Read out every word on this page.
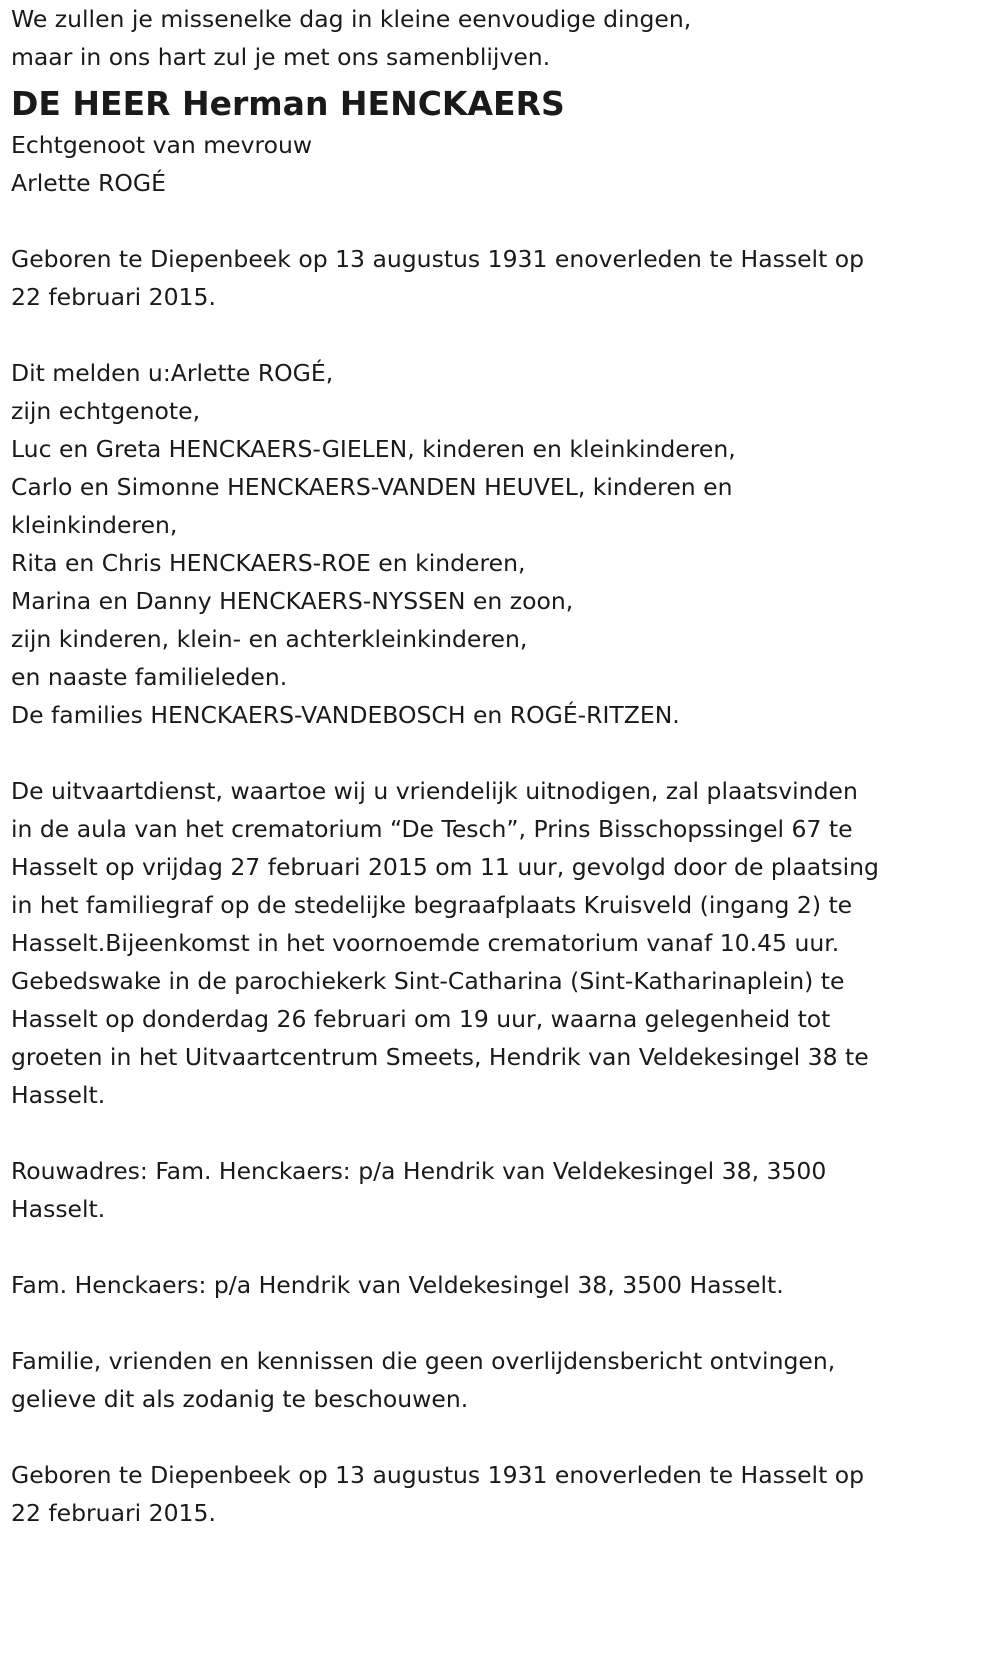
We zullen je missenelke dag in kleine eenvoudige dingen,
maar in ons hart zul je met ons samenblijven.
DE HEER Herman HENCKAERS
Echtgenoot van mevrouw
Arlette ROGÉ
Geboren te Diepenbeek op 13 augustus 1931 enoverleden te Hasselt op
22 februari 2015.
Dit melden u:Arlette ROGÉ,
zijn echtgenote,
Luc en Greta HENCKAERS-GIELEN, kinderen en kleinkinderen,
Carlo en Simonne HENCKAERS-VANDEN HEUVEL, kinderen en
kleinkinderen,
Rita en Chris HENCKAERS-ROE en kinderen,
Marina en Danny HENCKAERS-NYSSEN en zoon,
zijn kinderen, klein- en achterkleinkinderen,
en naaste familieleden.
De families HENCKAERS-VANDEBOSCH en ROGÉ-RITZEN.
De uitvaartdienst, waartoe wij u vriendelijk uitnodigen, zal plaatsvinden
in de aula van het crematorium “De Tesch”, Prins Bisschopssingel 67 te
Hasselt op vrijdag 27 februari 2015 om 11 uur, gevolgd door de plaatsing
in het familiegraf op de stedelijke begraafplaats Kruisveld (ingang 2) te
Hasselt.Bijeenkomst in het voornoemde crematorium vanaf 10.45 uur.
Gebedswake in de parochiekerk Sint-Catharina (Sint-Katharinaplein) te
Hasselt op donderdag 26 februari om 19 uur, waarna gelegenheid tot
groeten in het Uitvaartcentrum Smeets, Hendrik van Veldekesingel 38 te
Hasselt.
Rouwadres: Fam. Henckaers: p/a Hendrik van Veldekesingel 38, 3500
Hasselt.
Fam. Henckaers: p/a Hendrik van Veldekesingel 38, 3500 Hasselt.
Familie, vrienden en kennissen die geen overlijdensbericht ontvingen,
gelieve dit als zodanig te beschouwen.
Geboren te Diepenbeek op 13 augustus 1931 enoverleden te Hasselt op
22 februari 2015.
